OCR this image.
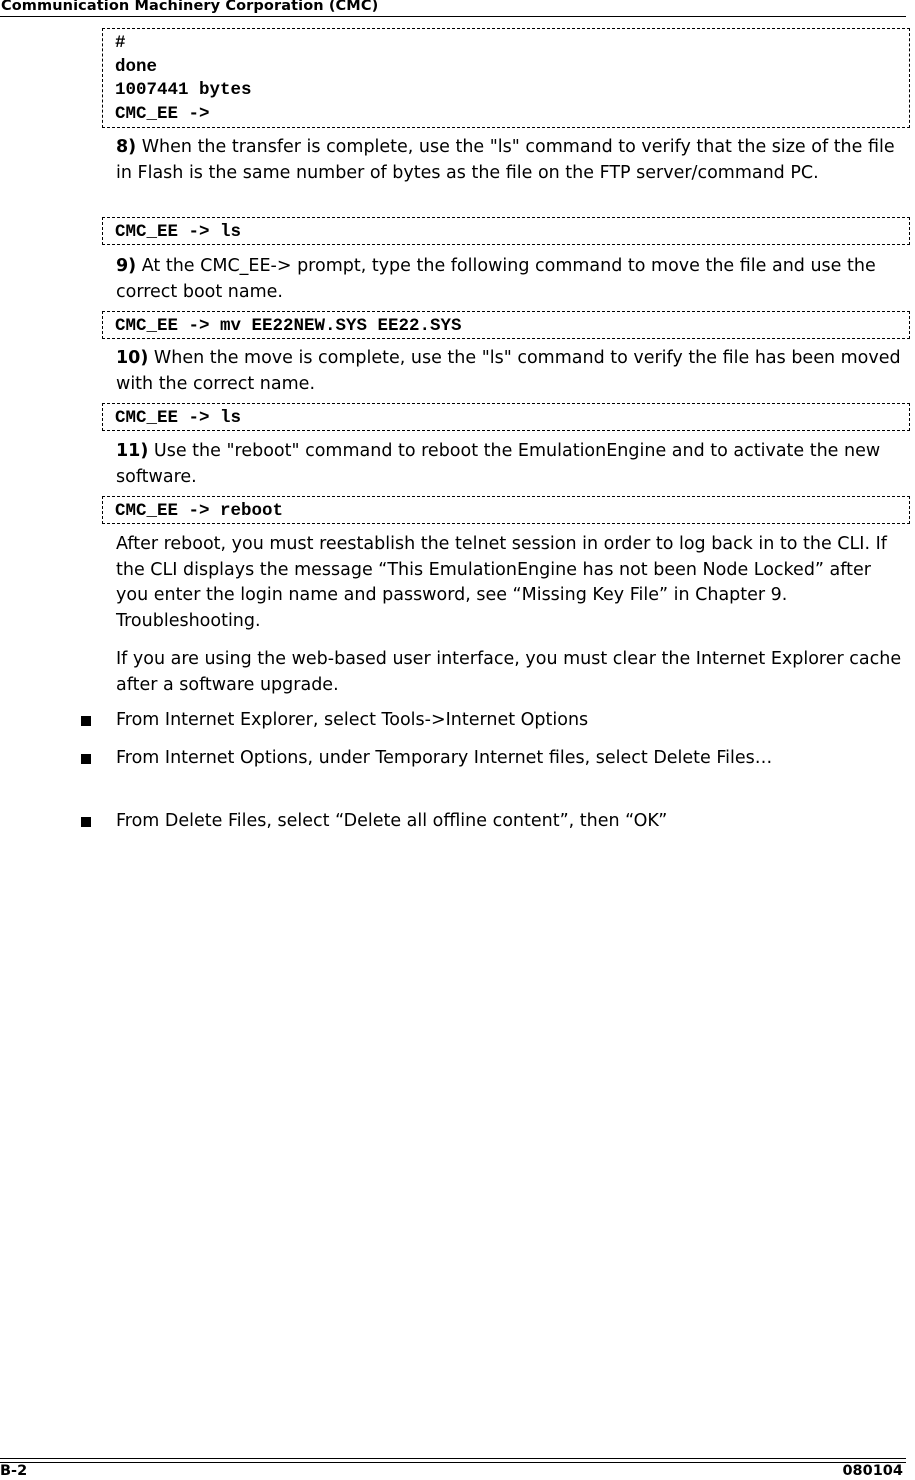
Communication Machinery Corporation (CMC)
#
done
1007441 bytes
CMC_EE ->
8) When the transfer is complete, use the "ls" command to verify that the size of the file in Flash is the same number of bytes as the file on the FTP server/command PC.
CMC_EE -> ls
9) At the CMC_EE-> prompt, type the following command to move the file and use the correct boot name.
CMC_EE -> mv EE22NEW.SYS EE22.SYS
10) When the move is complete, use the "ls" command to verify the file has been moved with the correct name.
CMC_EE -> ls
11) Use the "reboot" command to reboot the EmulationEngine and to activate the new software.
CMC_EE -> reboot
After reboot, you must reestablish the telnet session in order to log back in to the CLI. If the CLI displays the message “This EmulationEngine has not been Node Locked” after you enter the login name and password, see “Missing Key File” in Chapter 9. Troubleshooting.
If you are using the web-based user interface, you must clear the Internet Explorer cache after a software upgrade.
From Internet Explorer, select Tools->Internet Options
From Internet Options, under Temporary Internet files, select Delete Files…
From Delete Files, select “Delete all offline content”, then “OK”
B-2	080104
